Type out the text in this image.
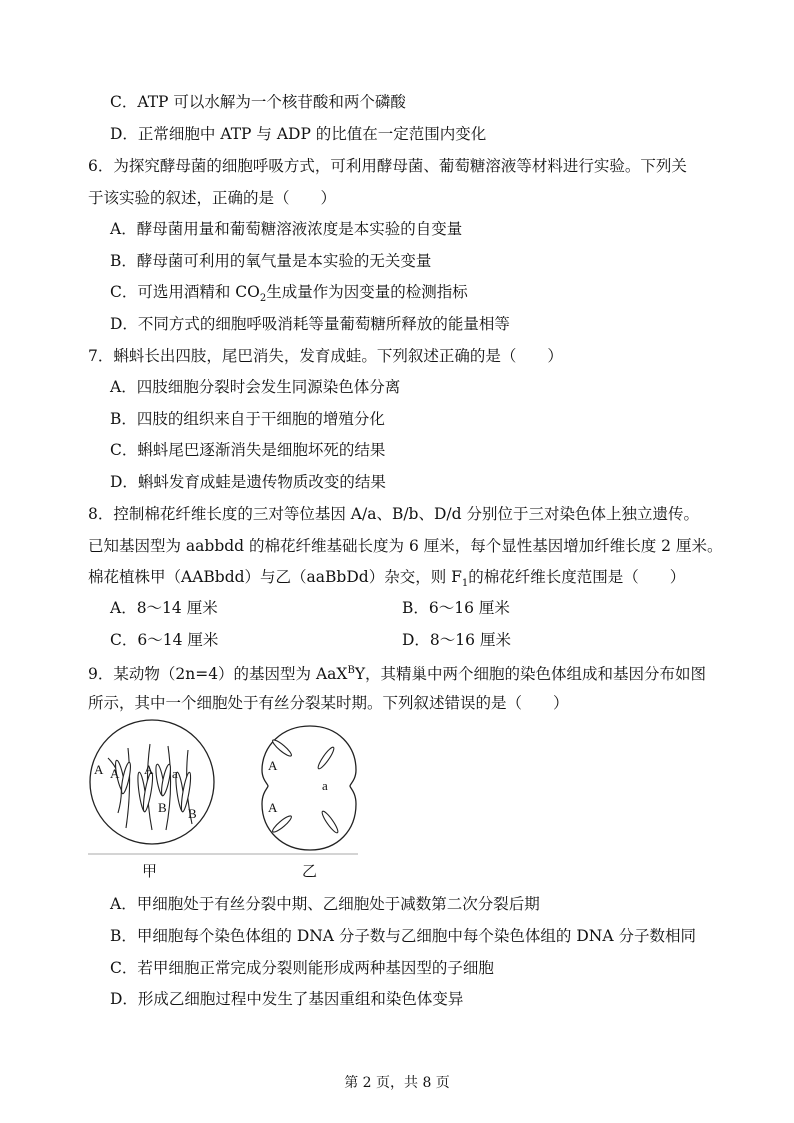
C．ATP 可以水解为一个核苷酸和两个磷酸
D．正常细胞中 ATP 与 ADP 的比值在一定范围内变化
6．为探究酵母菌的细胞呼吸方式，可利用酵母菌、葡萄糖溶液等材料进行实验。下列关
于该实验的叙述，正确的是（　　）
A．酵母菌用量和葡萄糖溶液浓度是本实验的自变量
B．酵母菌可利用的氧气量是本实验的无关变量
D．不同方式的细胞呼吸消耗等量葡萄糖所释放的能量相等
7．蝌蚪长出四肢，尾巴消失，发育成蛙。下列叙述正确的是（　　）
A．四肢细胞分裂时会发生同源染色体分离
B．四肢的组织来自于干细胞的增殖分化
C．蝌蚪尾巴逐渐消失是细胞坏死的结果
D．蝌蚪发育成蛙是遗传物质改变的结果
8．控制棉花纤维长度的三对等位基因 A/a、B/b、D/d 分别位于三对染色体上独立遗传。
已知基因型为 aabbdd 的棉花纤维基础长度为 6 厘米，每个显性基因增加纤维长度 2 厘米。
A．8～14 厘米	B．6～16 厘米
C．6～14 厘米	D．8～16 厘米
所示，其中一个细胞处于有丝分裂某时期。下列叙述错误的是（　　）
A．甲细胞处于有丝分裂中期、乙细胞处于减数第二次分裂后期
B．甲细胞每个染色体组的 DNA 分子数与乙细胞中每个染色体组的 DNA 分子数相同
C．若甲细胞正常完成分裂则能形成两种基因型的子细胞
D．形成乙细胞过程中发生了基因重组和染色体变异
C．可选用酒精和 $CO_2$生成量作为因变量的检测指标
棉花植株甲（AABbdd）与乙（aaBbDd）杂交，则 $F_1$的棉花纤维长度范围是（　　）
9．某动物（2n=4）的基因型为 AaX$^B$Y，其精巢中两个细胞的染色体组成和基因分布如图
A A A a
B B
甲
A
a
A
乙
第 2 页，共 8 页
